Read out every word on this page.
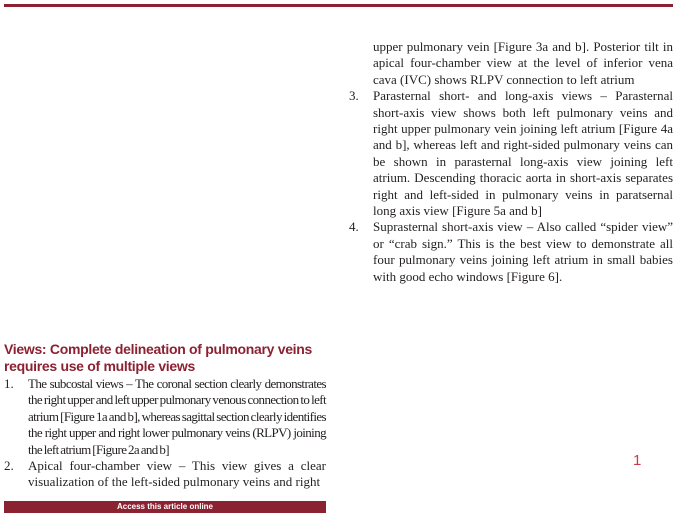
upper pulmonary vein [Figure 3a and b]. Posterior tilt in apical four-chamber view at the level of inferior vena cava (IVC) shows RLPV connection to left atrium
3. Parasternal short- and long-axis views – Parasternal short-axis view shows both left pulmonary veins and right upper pulmonary vein joining left atrium [Figure 4a and b], whereas left and right-sided pulmonary veins can be shown in parasternal long-axis view joining left atrium. Descending thoracic aorta in short-axis separates right and left-sided in pulmonary veins in paratsernal long axis view [Figure 5a and b]
4. Suprasternal short-axis view – Also called “spider view” or “crab sign.” This is the best view to demonstrate all four pulmonary veins joining left atrium in small babies with good echo windows [Figure 6].
Views: Complete delineation of pulmonary veins requires use of multiple views
1. The subcostal views – The coronal section clearly demonstrates the right upper and left upper pulmonary venous connection to left atrium [Figure 1a and b], whereas sagittal section clearly identifies the right upper and right lower pulmonary veins (RLPV) joining the left atrium [Figure 2a and b]
2. Apical four-chamber view – This view gives a clear visualization of the left-sided pulmonary veins and right
Access this article online
1
